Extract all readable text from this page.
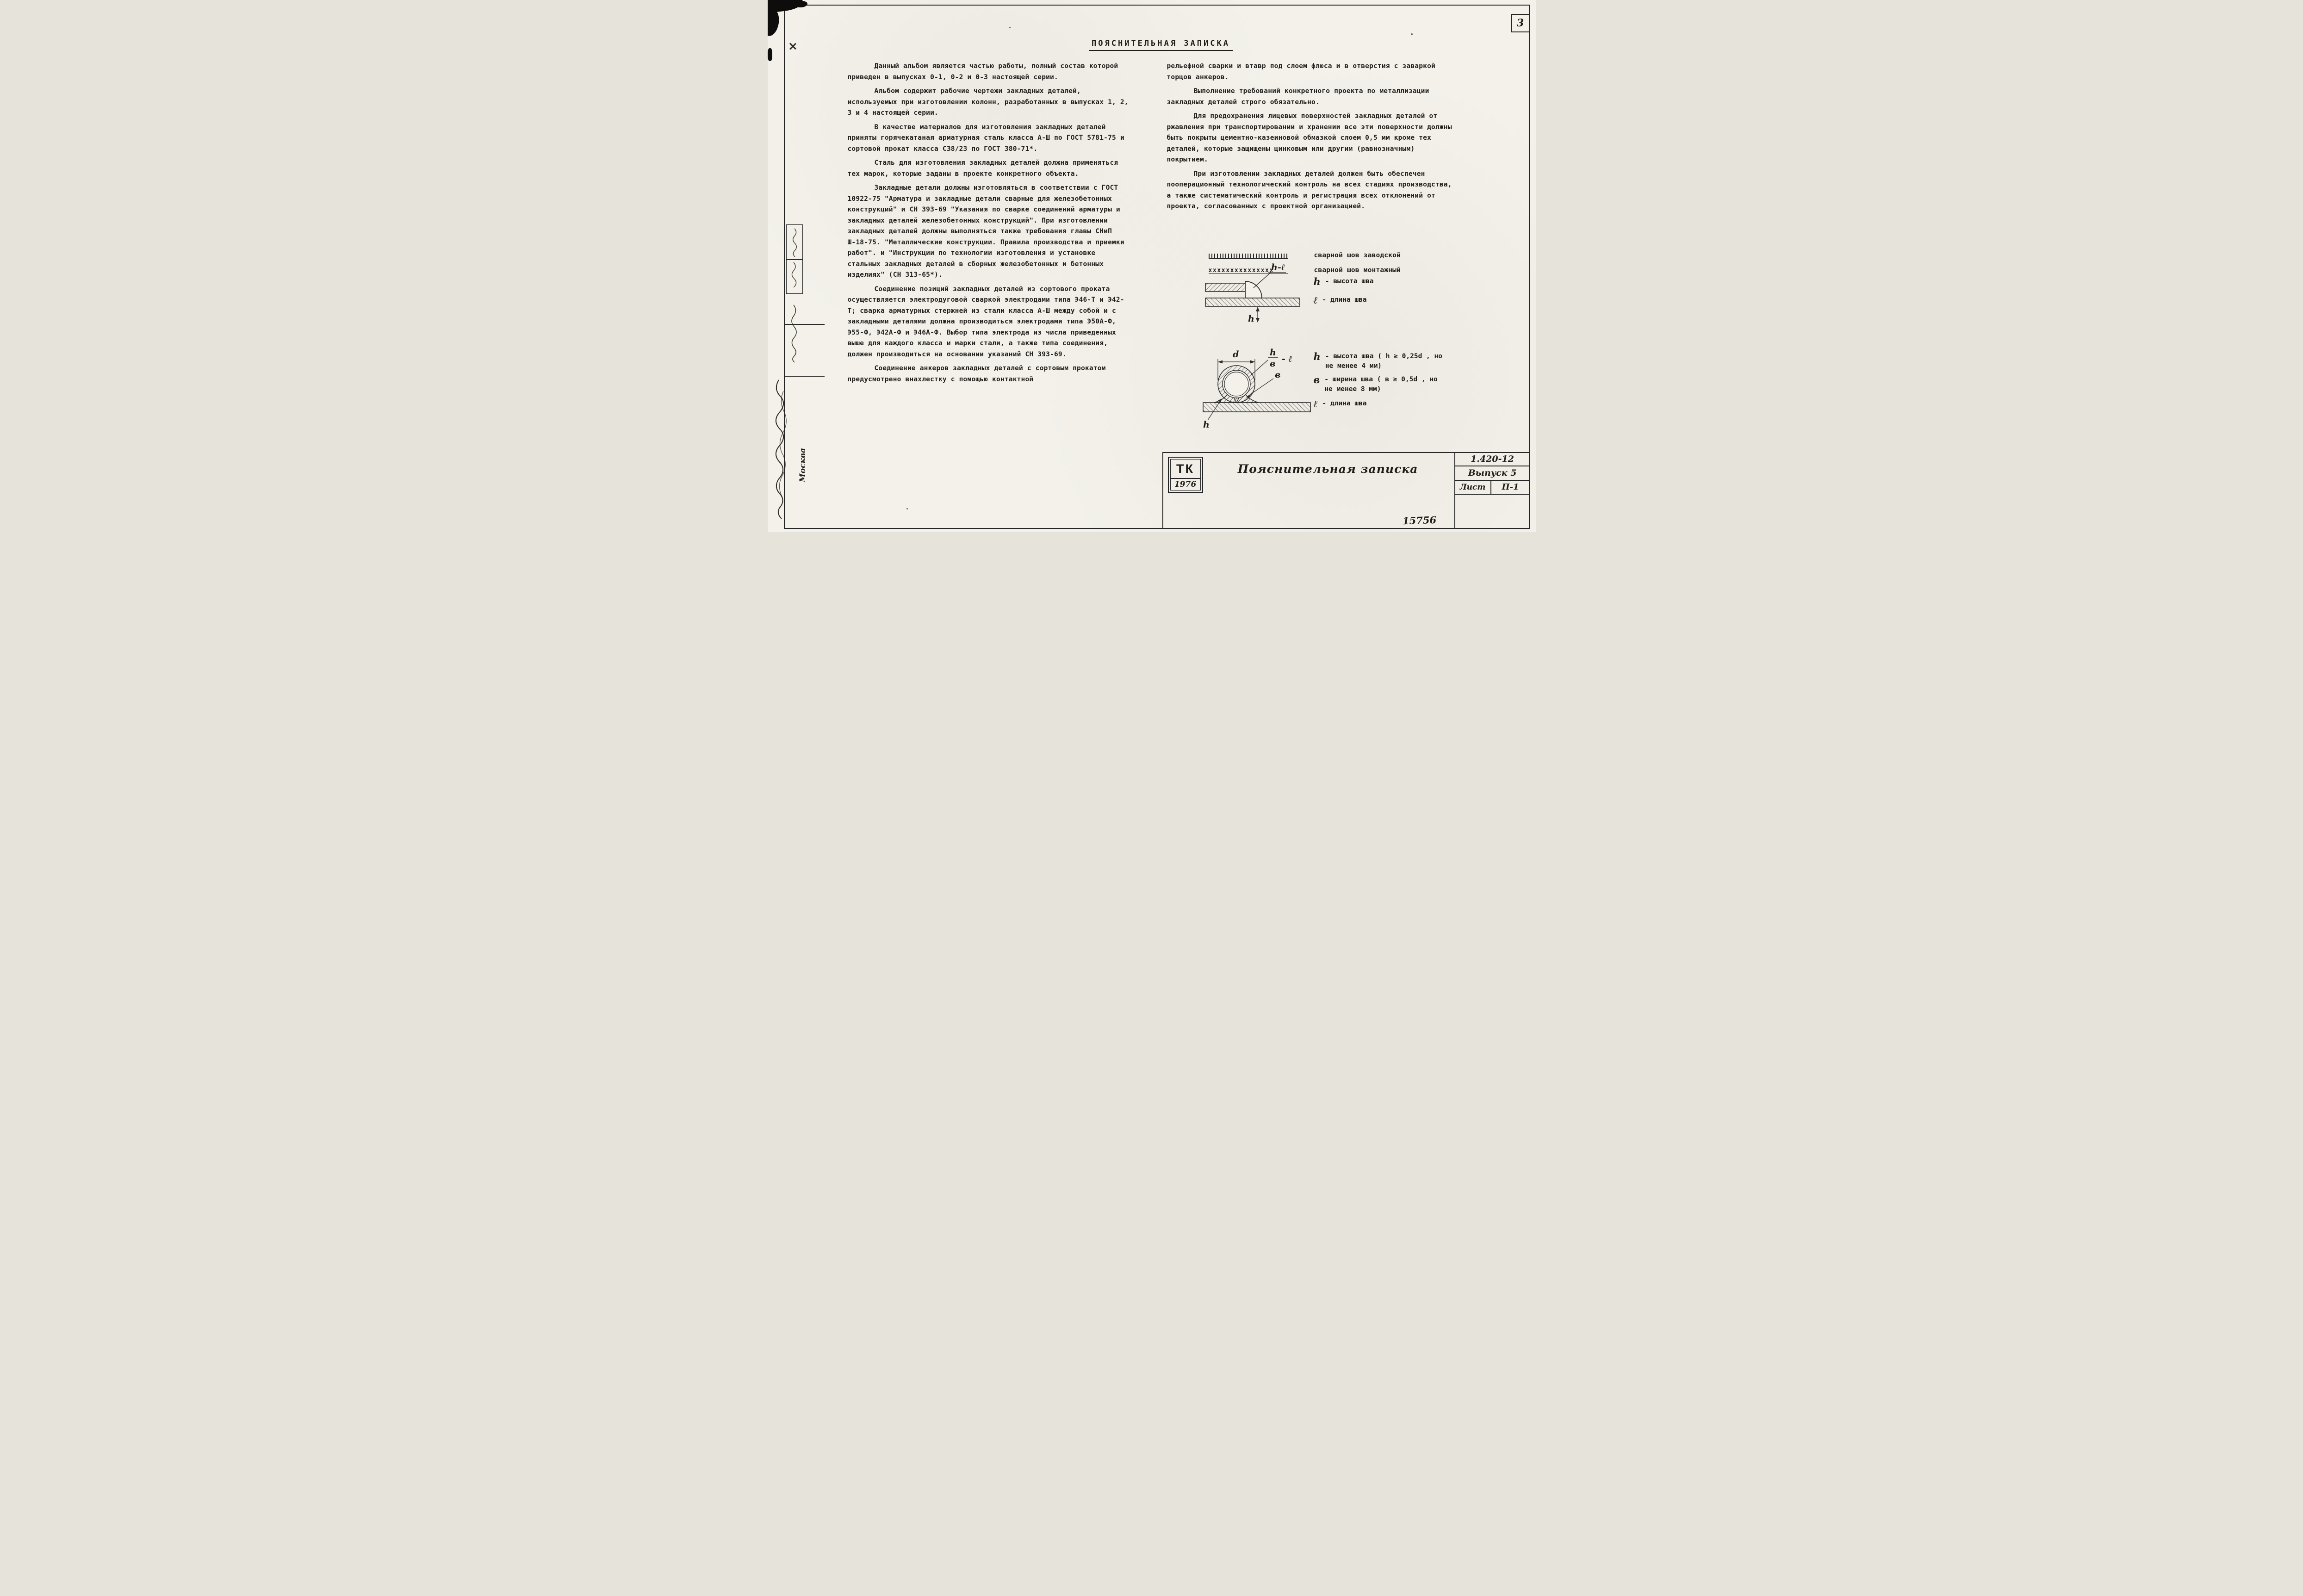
3
ПОЯСНИТЕЛЬНАЯ ЗАПИСКА

Данный альбом является частью работы, полный состав которой приведен в выпусках 0-1, 0-2 и 0-3 настоящей серии.

Альбом содержит рабочие чертежи закладных деталей, используемых при изготовлении колонн, разработанных в выпусках 1, 2, 3 и 4 настоящей серии.

В качестве материалов для изготовления закладных деталей приняты горячекатаная арматурная сталь класса А-Ш по ГОСТ 5781-75 и сортовой прокат класса С38/23 по ГОСТ 380-71*.

Сталь для изготовления закладных деталей должна применяться тех марок, которые заданы в проекте конкретного объекта.

Закладные детали должны изготовляться в соответствии с ГОСТ 10922-75 "Арматура и закладные детали сварные для железобетонных конструкций" и СН 393-69 "Указания по сварке соединений арматуры и закладных деталей железобетонных конструкций". При изготовлении закладных деталей должны выполняться также требования главы СНиП Ш-18-75. "Металлические конструкции. Правила производства и приемки работ". и "Инструкции по технологии изготовления и установке стальных закладных деталей в сборных железобетонных и бетонных изделиях" (СН 313-65*).

Соединение позиций закладных деталей из сортового проката осуществляется электродуговой сваркой электродами типа Э46-Т и Э42-Т; сварка арматурных стержней из стали класса А-Ш между собой и с закладными деталями должна производиться электродами типа Э50А-Ф, Э55-Ф, Э42А-Ф и Э46А-Ф. Выбор типа электрода из числа приведенных выше для каждого класса и марки стали, а также типа соединения, должен производиться на основании указаний СН 393-69.

Соединение анкеров закладных деталей с сортовым прокатом предусмотрено внахлестку с помощью контактной

рельефной сварки и втавр под слоем флюса и в отверстия с заваркой торцов анкеров.

Выполнение требований конкретного проекта по металлизации закладных деталей строго обязательно.

Для предохранения лицевых поверхностей закладных деталей от ржавления при транспортировании и хранении все эти поверхности должны быть покрыты цементно-казеиновой обмазкой слоем 0,5 мм кроме тех деталей, которые защищены цинковым или другим (равнозначным) покрытием.

При изготовлении закладных деталей должен быть обеспечен пооперационный технологический контроль на всех стадиях производства, а также систематический контроль и регистрация всех отклонений от проекта, согласованных с проектной организацией.

сварной шов заводской
xxxxxxxxxxxxxxx	сварной шов монтажный
h-ℓ
h
h - высота шва
ℓ - длина шва
d	h
в - ℓ
в
h
h - высота шва ( h ≥ 0,25d , но
не менее 4 мм)
в - ширина шва ( в ≥ 0,5d , но
не менее 8 мм)
ℓ - длина шва
ТК
1976
Пояснительная записка
1.420-12
Выпуск 5
Лист	П-1
15756
Москва
